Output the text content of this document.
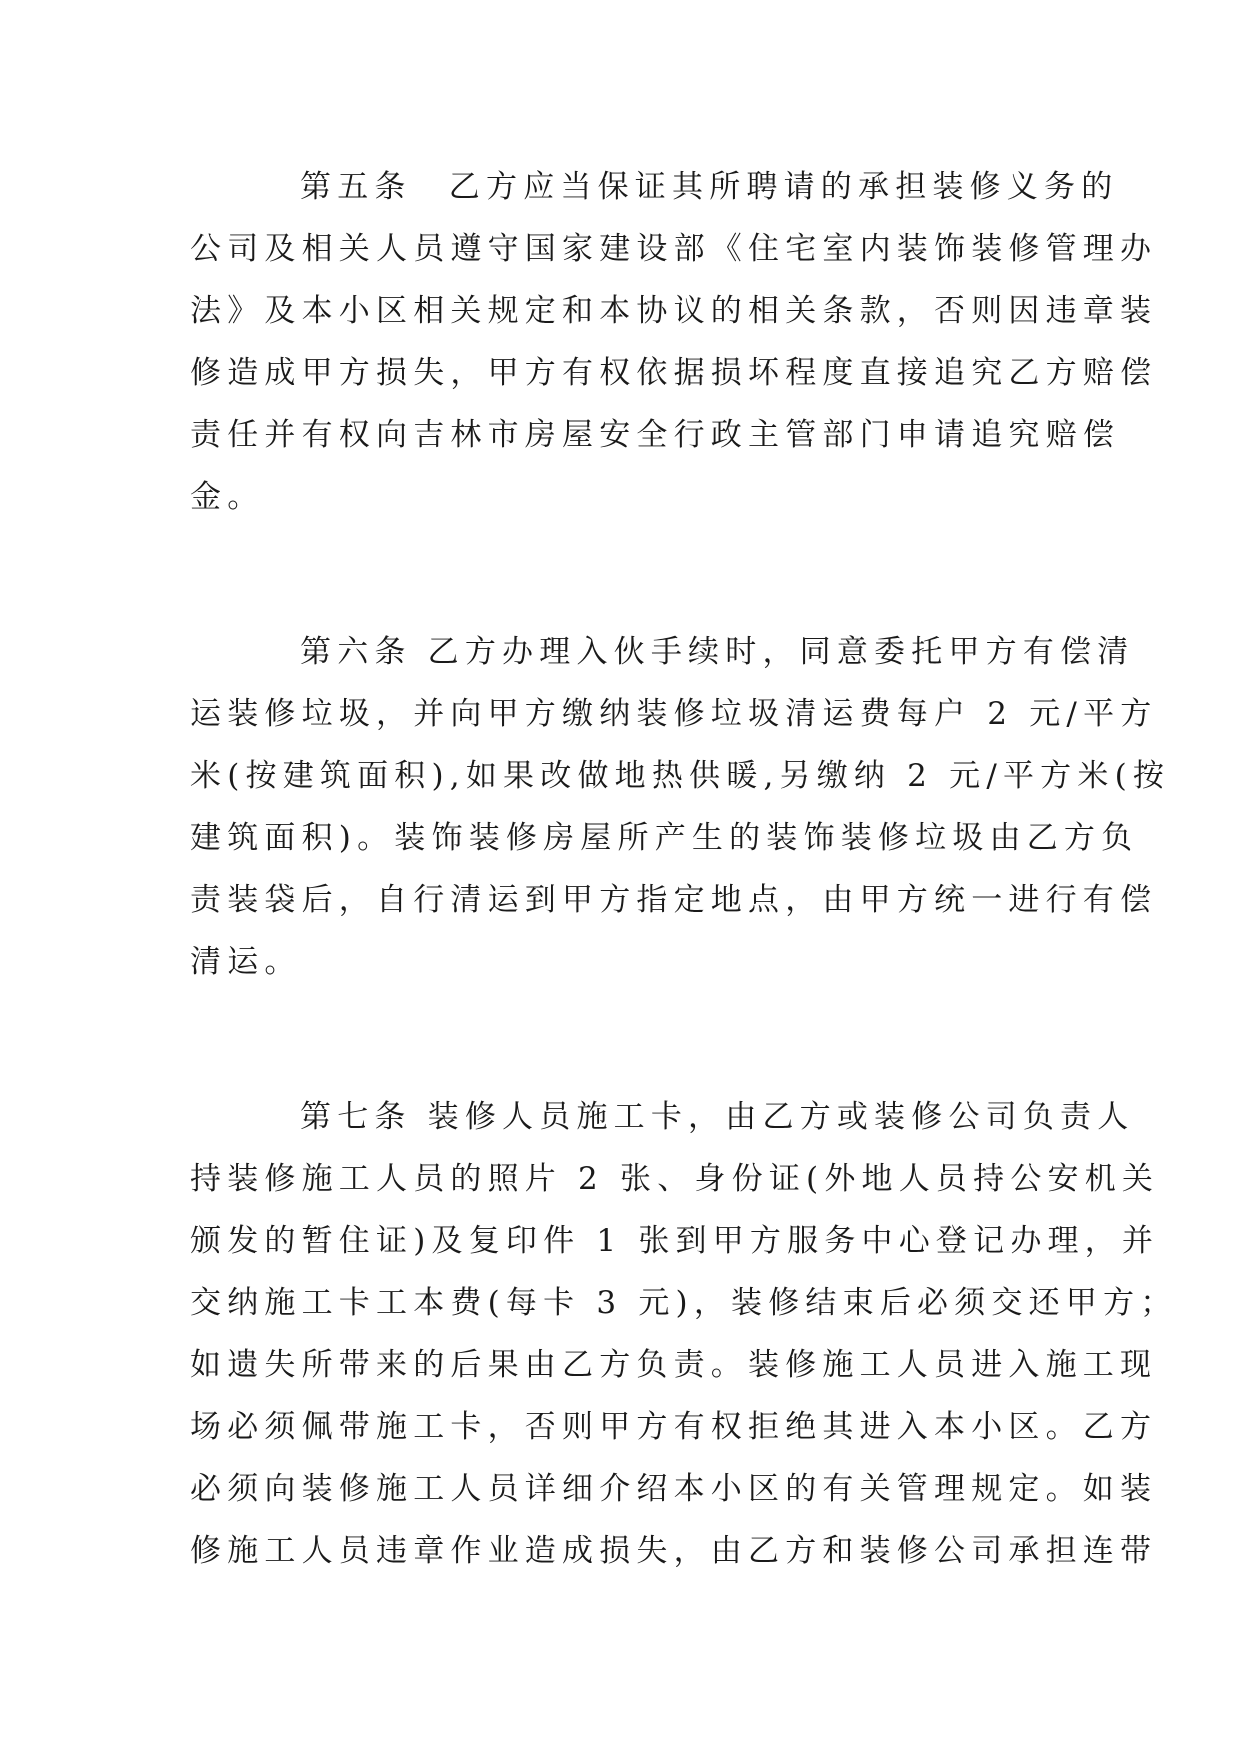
第五条　乙方应当保证其所聘请的承担装修义务的
公司及相关人员遵守国家建设部《住宅室内装饰装修管理办
法》及本小区相关规定和本协议的相关条款，否则因违章装
修造成甲方损失，甲方有权依据损坏程度直接追究乙方赔偿
责任并有权向吉林市房屋安全行政主管部门申请追究赔偿
金。
第六条 乙方办理入伙手续时，同意委托甲方有偿清
运装修垃圾，并向甲方缴纳装修垃圾清运费每户 2 元/平方
米(按建筑面积),如果改做地热供暖,另缴纳 2 元/平方米(按
建筑面积)。装饰装修房屋所产生的装饰装修垃圾由乙方负
责装袋后，自行清运到甲方指定地点，由甲方统一进行有偿
清运。
第七条 装修人员施工卡，由乙方或装修公司负责人
持装修施工人员的照片 2 张、身份证(外地人员持公安机关
颁发的暂住证)及复印件 1 张到甲方服务中心登记办理，并
交纳施工卡工本费(每卡 3 元)，装修结束后必须交还甲方；
如遗失所带来的后果由乙方负责。装修施工人员进入施工现
场必须佩带施工卡，否则甲方有权拒绝其进入本小区。乙方
必须向装修施工人员详细介绍本小区的有关管理规定。如装
修施工人员违章作业造成损失，由乙方和装修公司承担连带
